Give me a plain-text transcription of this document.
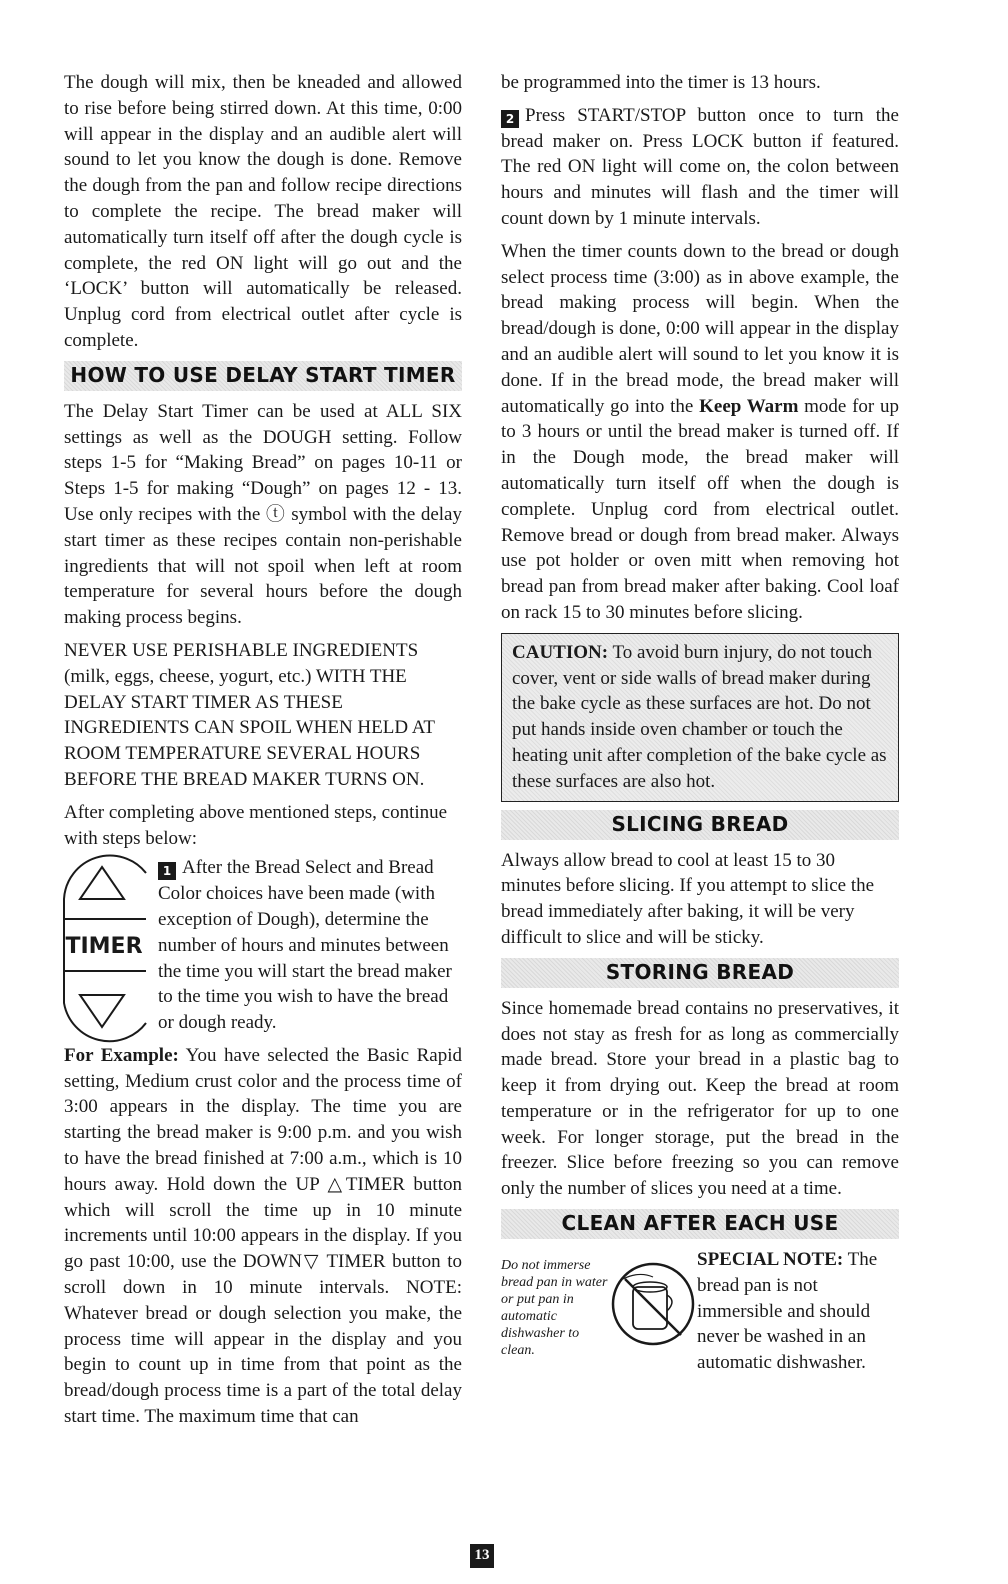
The dough will mix, then be kneaded and allowed to rise before being stirred down. At this time, 0:00 will appear in the display and an audible alert will sound to let you know the dough is done. Remove the dough from the pan and follow recipe directions to complete the recipe. The bread maker will automatically turn itself off after the dough cycle is complete, the red ON light will go out and the ‘LOCK’ button will automatically be released. Unplug cord from electrical outlet after cycle is complete.

HOW TO USE DELAY START TIMER

The Delay Start Timer can be used at ALL SIX settings as well as the DOUGH setting. Follow steps 1-5 for “Making Bread” on pages 10-11 or Steps 1-5 for making “Dough” on pages 12 - 13. Use only recipes with the ⓣ symbol with the delay start timer as these recipes contain non-perishable ingredients that will not spoil when left at room temperature for several hours before the dough making process begins.

NEVER USE PERISHABLE INGREDIENTS (milk, eggs, cheese, yogurt, etc.) WITH THE DELAY START TIMER AS THESE INGREDIENTS CAN SPOIL WHEN HELD AT ROOM TEMPERATURE SEVERAL HOURS BEFORE THE BREAD MAKER TURNS ON.

After completing above mentioned steps, continue with steps below:

TIMER

1 After the Bread Select and Bread Color choices have been made (with exception of Dough), determine the number of hours and minutes between the time you will start the bread maker to the time you wish to have the bread or dough ready.

For Example: You have selected the Basic Rapid setting, Medium crust color and the process time of 3:00 appears in the display. The time you are starting the bread maker is 9:00 p.m. and you wish to have the bread finished at 7:00 a.m., which is 10 hours away. Hold down the UP △TIMER button which will scroll the time up in 10 minute increments until 10:00 appears in the display. If you go past 10:00, use the DOWN▽ TIMER button to scroll down in 10 minute intervals. NOTE: Whatever bread or dough selection you make, the process time will appear in the display and you begin to count up in time from that point as the bread/dough process time is a part of the total delay start time. The maximum time that can

be programmed into the timer is 13 hours.

2 Press START/STOP button once to turn the bread maker on. Press LOCK button if featured. The red ON light will come on, the colon between hours and minutes will flash and the timer will count down by 1 minute intervals.

When the timer counts down to the bread or dough select process time (3:00) as in above example, the bread making process will begin. When the bread/dough is done, 0:00 will appear in the display and an audible alert will sound to let you know it is done. If in the bread mode, the bread maker will automatically go into the Keep Warm mode for up to 3 hours or until the bread maker is turned off. If in the Dough mode, the bread maker will automatically turn itself off when the dough is complete. Unplug cord from electrical outlet. Remove bread or dough from bread maker. Always use pot holder or oven mitt when removing hot bread pan from bread maker after baking. Cool loaf on rack 15 to 30 minutes before slicing.

CAUTION: To avoid burn injury, do not touch cover, vent or side walls of bread maker during the bake cycle as these surfaces are hot. Do not put hands inside oven chamber or touch the heating unit after completion of the bake cycle as these surfaces are also hot.

SLICING BREAD

Always allow bread to cool at least 15 to 30 minutes before slicing. If you attempt to slice the bread immediately after baking, it will be very difficult to slice and will be sticky.

STORING BREAD

Since homemade bread contains no preservatives, it does not stay as fresh for as long as commercially made bread. Store your bread in a plastic bag to keep it from drying out. Keep the bread at room temperature or in the refrigerator for up to one week. For longer storage, put the bread in the freezer. Slice before freezing so you can remove only the number of slices you need at a time.

CLEAN AFTER EACH USE
Do not immerse bread pan in water or put pan in automatic dishwasher to clean.

SPECIAL NOTE: The bread pan is not immersible and should never be washed in an automatic dishwasher.

13
